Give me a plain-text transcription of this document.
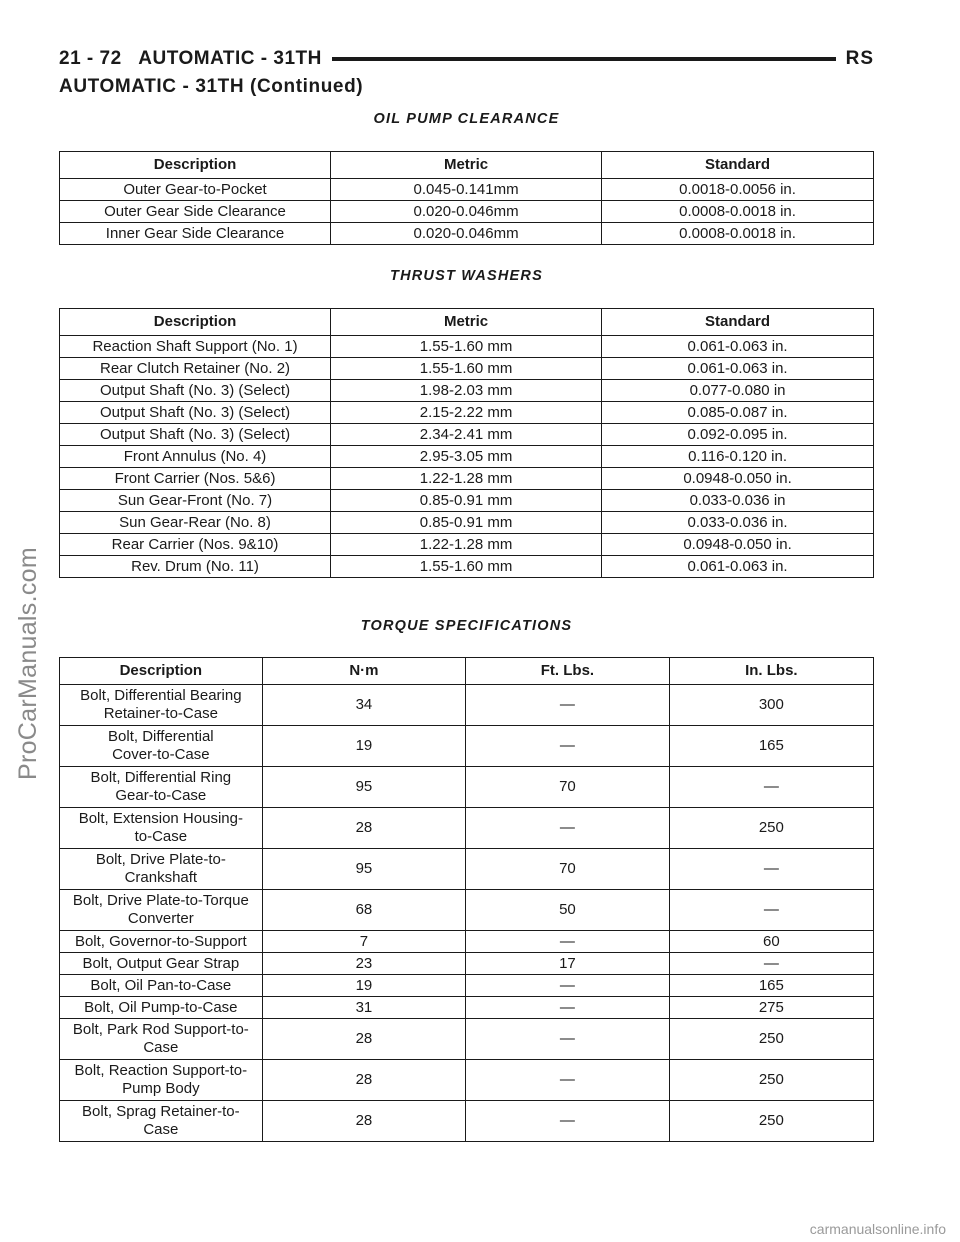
21 - 72   AUTOMATIC - 31TH	RS
AUTOMATIC - 31TH (Continued)
OIL PUMP CLEARANCE
Description	Metric	Standard
Outer Gear-to-Pocket	0.045-0.141mm	0.0018-0.0056 in.
Outer Gear Side Clearance	0.020-0.046mm	0.0008-0.0018 in.
Inner Gear Side Clearance	0.020-0.046mm	0.0008-0.0018 in.
THRUST WASHERS
Description	Metric	Standard
Reaction Shaft Support (No. 1)	1.55-1.60 mm	0.061-0.063 in.
Rear Clutch Retainer (No. 2)	1.55-1.60 mm	0.061-0.063 in.
Output Shaft (No. 3) (Select)	1.98-2.03 mm	0.077-0.080 in
Output Shaft (No. 3) (Select)	2.15-2.22 mm	0.085-0.087 in.
Output Shaft (No. 3) (Select)	2.34-2.41 mm	0.092-0.095 in.
Front Annulus (No. 4)	2.95-3.05 mm	0.116-0.120 in.
Front Carrier (Nos. 5&6)	1.22-1.28 mm	0.0948-0.050 in.
Sun Gear-Front (No. 7)	0.85-0.91 mm	0.033-0.036 in
Sun Gear-Rear (No. 8)	0.85-0.91 mm	0.033-0.036 in.
Rear Carrier (Nos. 9&10)	1.22-1.28 mm	0.0948-0.050 in.
Rev. Drum (No. 11)	1.55-1.60 mm	0.061-0.063 in.
TORQUE SPECIFICATIONS
Description	N·m	Ft. Lbs.	In. Lbs.
Bolt, Differential Bearing
Retainer-to-Case	34	—	300
Bolt, Differential
Cover-to-Case	19	—	165
Bolt, Differential Ring
Gear-to-Case	95	70	—
Bolt, Extension Housing-
to-Case	28	—	250
Bolt, Drive Plate-to-
Crankshaft	95	70	—
Bolt, Drive Plate-to-Torque
Converter	68	50	—
Bolt, Governor-to-Support	7	—	60
Bolt, Output Gear Strap	23	17	—
Bolt, Oil Pan-to-Case	19	—	165
Bolt, Oil Pump-to-Case	31	—	275
Bolt, Park Rod Support-to-
Case	28	—	250
Bolt, Reaction Support-to-
Pump Body	28	—	250
Bolt, Sprag Retainer-to-
Case	28	—	250
ProCarManuals.com
carmanualsonline.info
